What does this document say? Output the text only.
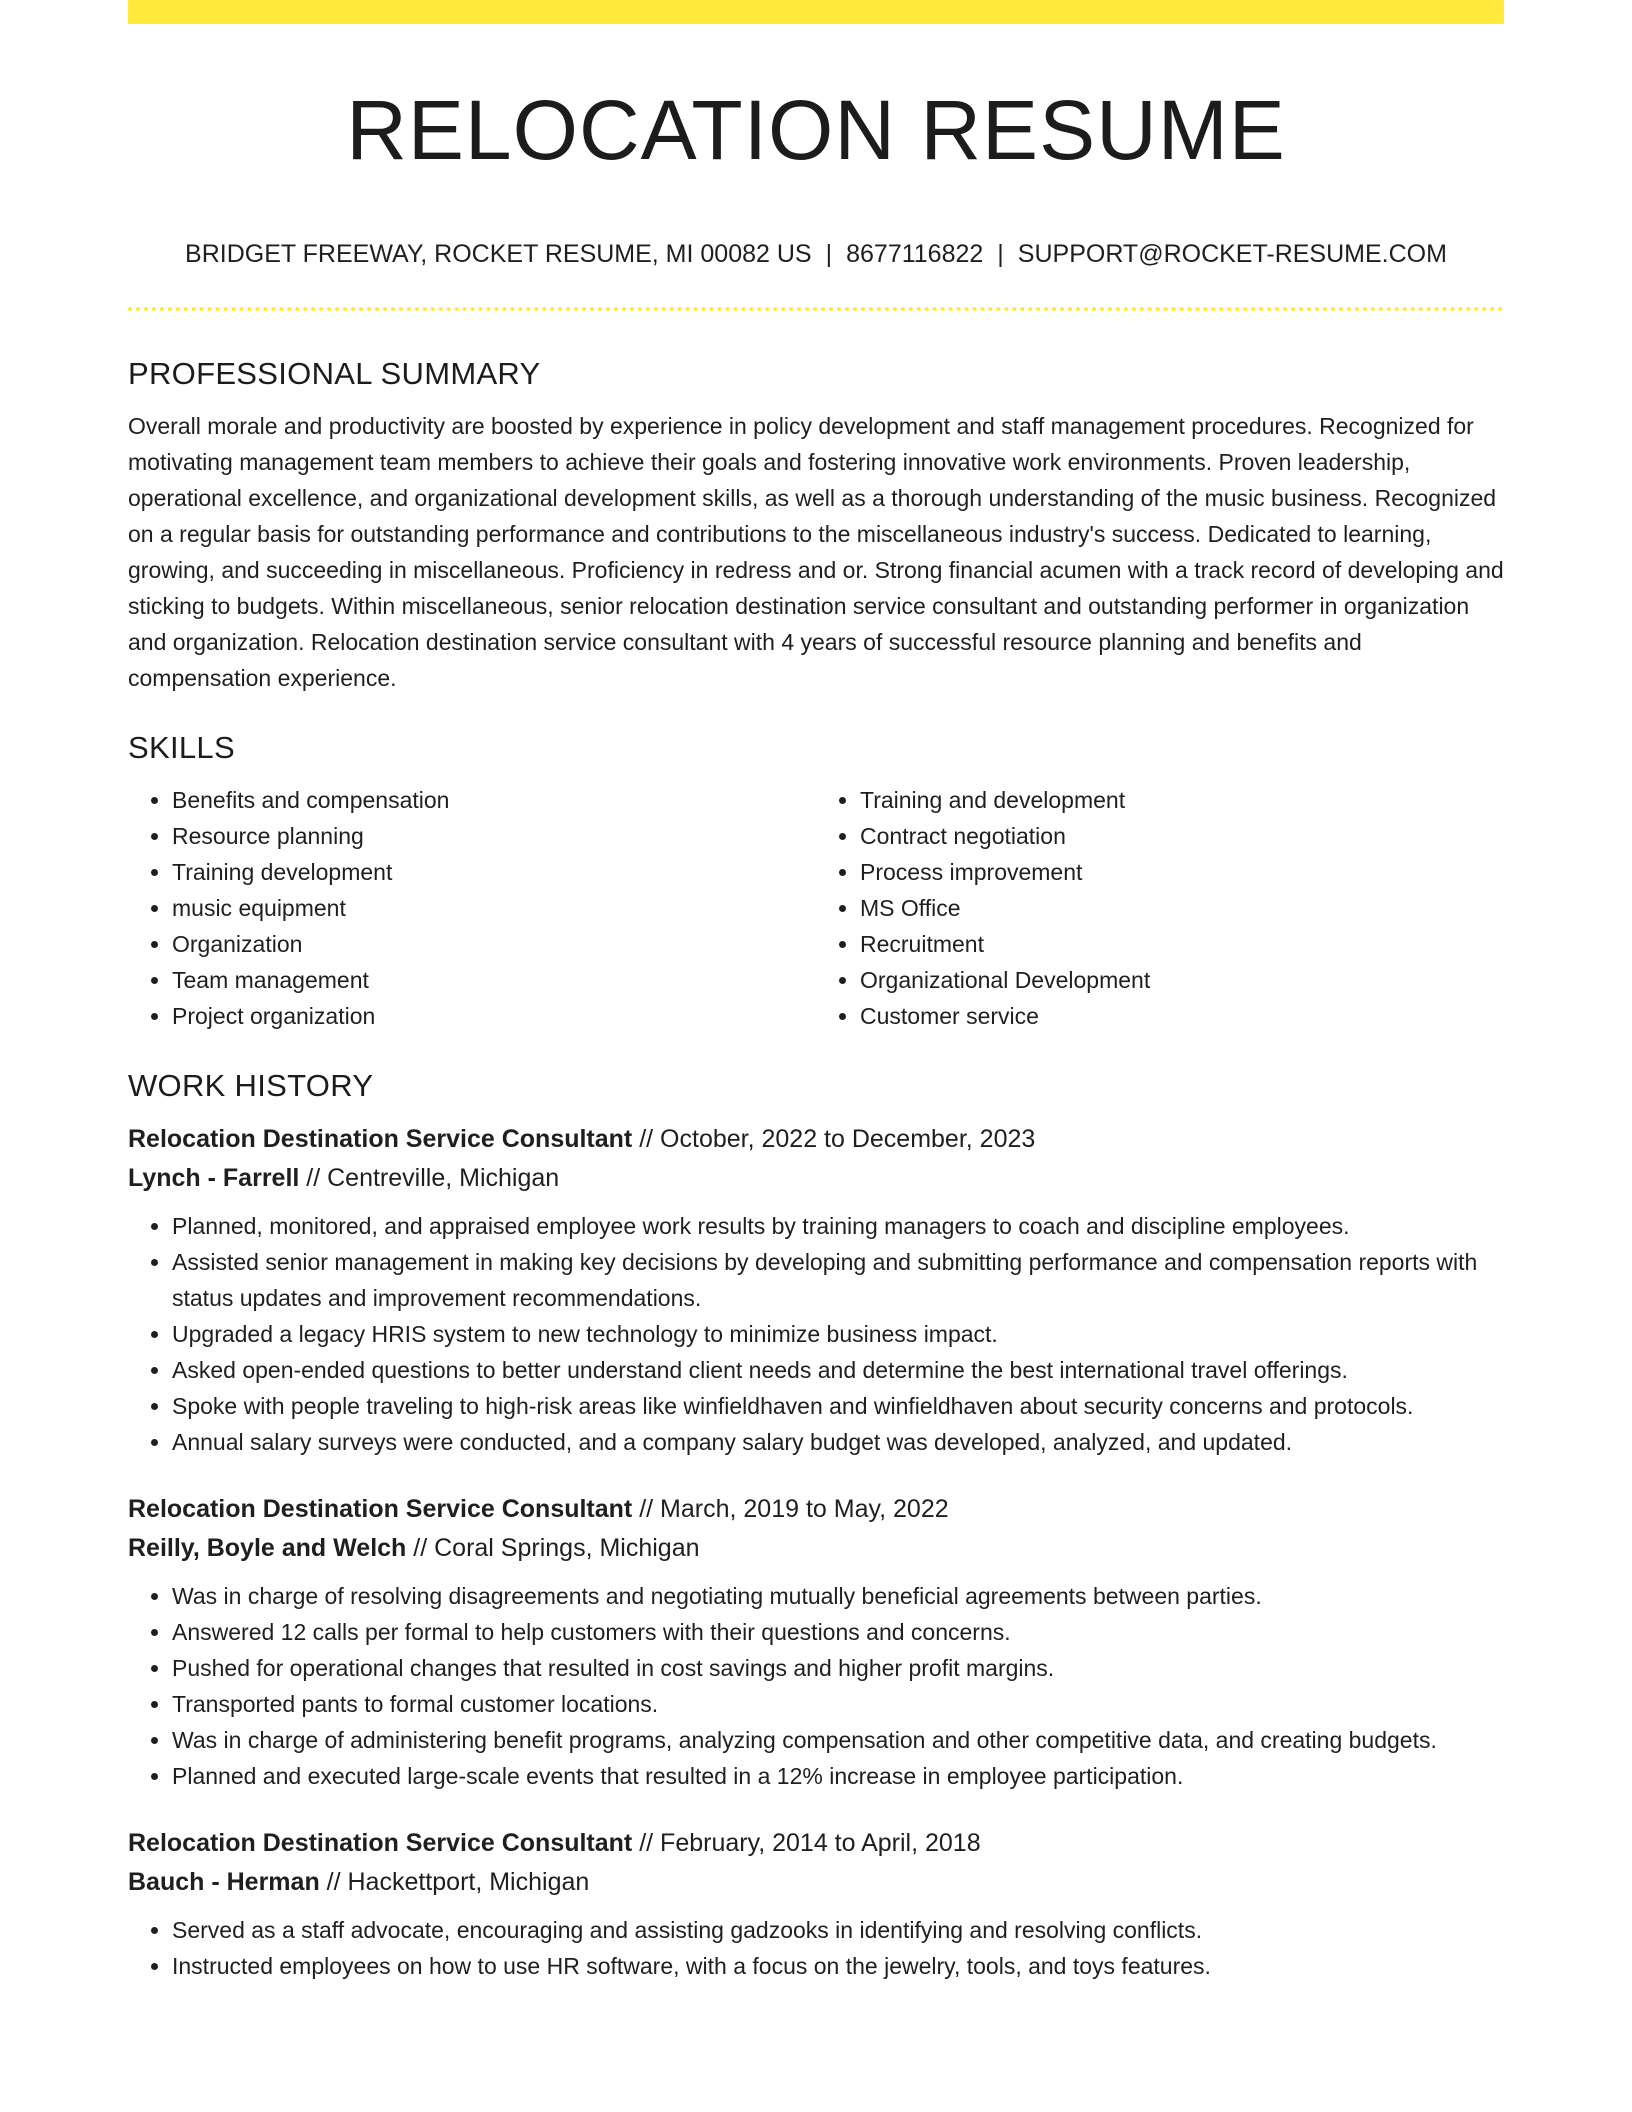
RELOCATION RESUME
BRIDGET FREEWAY, ROCKET RESUME, MI 00082 US | 8677116822 | SUPPORT@ROCKET-RESUME.COM
PROFESSIONAL SUMMARY

Overall morale and productivity are boosted by experience in policy development and staff management procedures. Recognized for motivating management team members to achieve their goals and fostering innovative work environments. Proven leadership, operational excellence, and organizational development skills, as well as a thorough understanding of the music business. Recognized on a regular basis for outstanding performance and contributions to the miscellaneous industry's success. Dedicated to learning, growing, and succeeding in miscellaneous. Proficiency in redress and or. Strong financial acumen with a track record of developing and sticking to budgets. Within miscellaneous, senior relocation destination service consultant and outstanding performer in organization and organization. Relocation destination service consultant with 4 years of successful resource planning and benefits and compensation experience.

SKILLS
• Benefits and compensation
• Resource planning
• Training development
• music equipment
• Organization
• Team management
• Project organization
• Training and development
• Contract negotiation
• Process improvement
• MS Office
• Recruitment
• Organizational Development
• Customer service
WORK HISTORY
Relocation Destination Service Consultant // October, 2022 to December, 2023
Lynch - Farrell // Centreville, Michigan
• Planned, monitored, and appraised employee work results by training managers to coach and discipline employees.
• Assisted senior management in making key decisions by developing and submitting performance and compensation reports with status updates and improvement recommendations.
• Upgraded a legacy HRIS system to new technology to minimize business impact.
• Asked open-ended questions to better understand client needs and determine the best international travel offerings.
• Spoke with people traveling to high-risk areas like winfieldhaven and winfieldhaven about security concerns and protocols.
• Annual salary surveys were conducted, and a company salary budget was developed, analyzed, and updated.
Relocation Destination Service Consultant // March, 2019 to May, 2022
Reilly, Boyle and Welch // Coral Springs, Michigan
• Was in charge of resolving disagreements and negotiating mutually beneficial agreements between parties.
• Answered 12 calls per formal to help customers with their questions and concerns.
• Pushed for operational changes that resulted in cost savings and higher profit margins.
• Transported pants to formal customer locations.
• Was in charge of administering benefit programs, analyzing compensation and other competitive data, and creating budgets.
• Planned and executed large-scale events that resulted in a 12% increase in employee participation.
Relocation Destination Service Consultant // February, 2014 to April, 2018
Bauch - Herman // Hackettport, Michigan
• Served as a staff advocate, encouraging and assisting gadzooks in identifying and resolving conflicts.
• Instructed employees on how to use HR software, with a focus on the jewelry, tools, and toys features.
